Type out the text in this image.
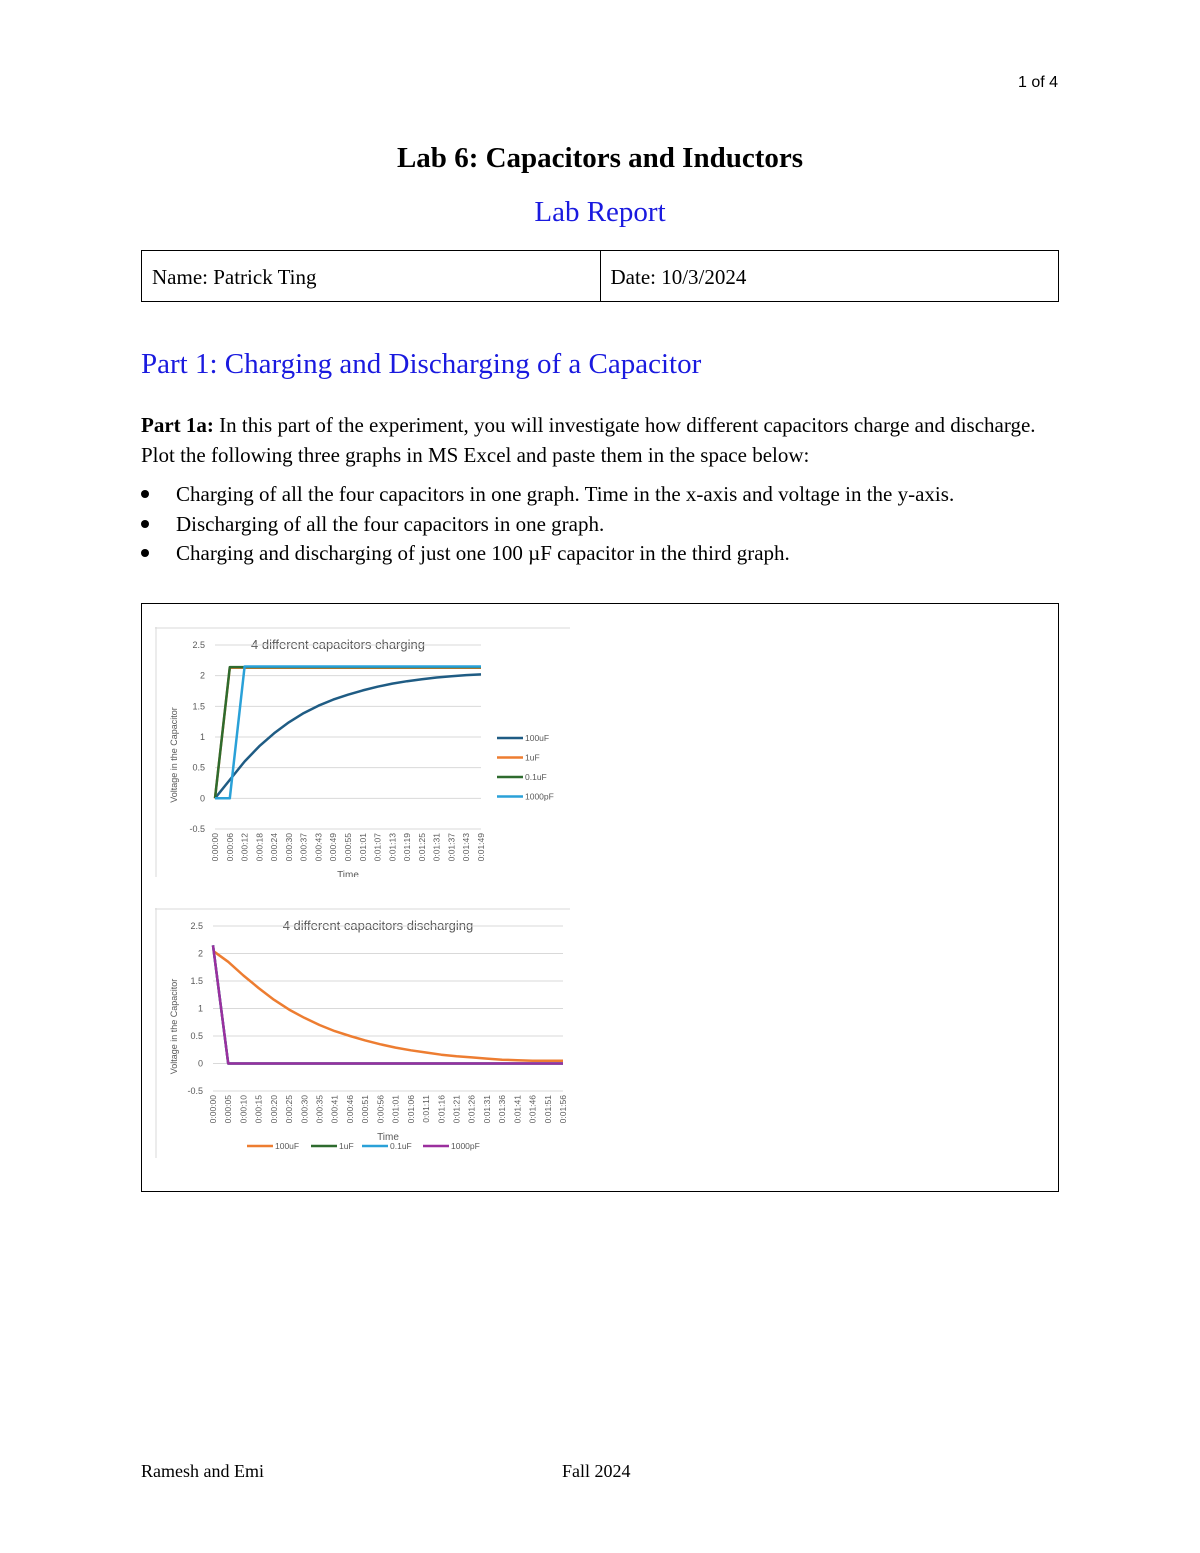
1 of 4
Lab 6: Capacitors and Inductors
Lab Report
Name: Patrick Ting	Date: 10/3/2024
Part 1: Charging and Discharging of a Capacitor
Part 1a: In this part of the experiment, you will investigate how different capacitors charge and discharge. Plot the following three graphs in MS Excel and paste them in the space below:
Charging of all the four capacitors in one graph. Time in the x-axis and voltage in the y-axis.
Discharging of all the four capacitors in one graph.
Charging and discharging of just one 100 µF capacitor in the third graph.
4 different capacitors charging
-0.5
0
0.5
1
1.5
2
2.5
0:00:00 0:00:06 0:00:12 0:00:18 0:00:24 0:00:30 0:00:37 0:00:43 0:00:49 0:00:55 0:01:01 0:01:07 0:01:13 0:01:19 0:01:25 0:01:31 0:01:37 0:01:43 0:01:49
Time
Voltage in the Capacitor	100uF
1uF
0.1uF
1000pF
4 different capacitors discharging
-0.5
0
0.5
1
1.5
2
2.5
0:00:00 0:00:05 0:00:10 0:00:15 0:00:20 0:00:25 0:00:30 0:00:35 0:00:41 0:00:46 0:00:51 0:00:56 0:01:01 0:01:06 0:01:11 0:01:16 0:01:21 0:01:26 0:01:31 0:01:36 0:01:41 0:01:46 0:01:51 0:01:56
Time
Voltage in the Capacitor
100uF	1uF	0.1uF	1000pF
Ramesh and Emi	Fall 2024
